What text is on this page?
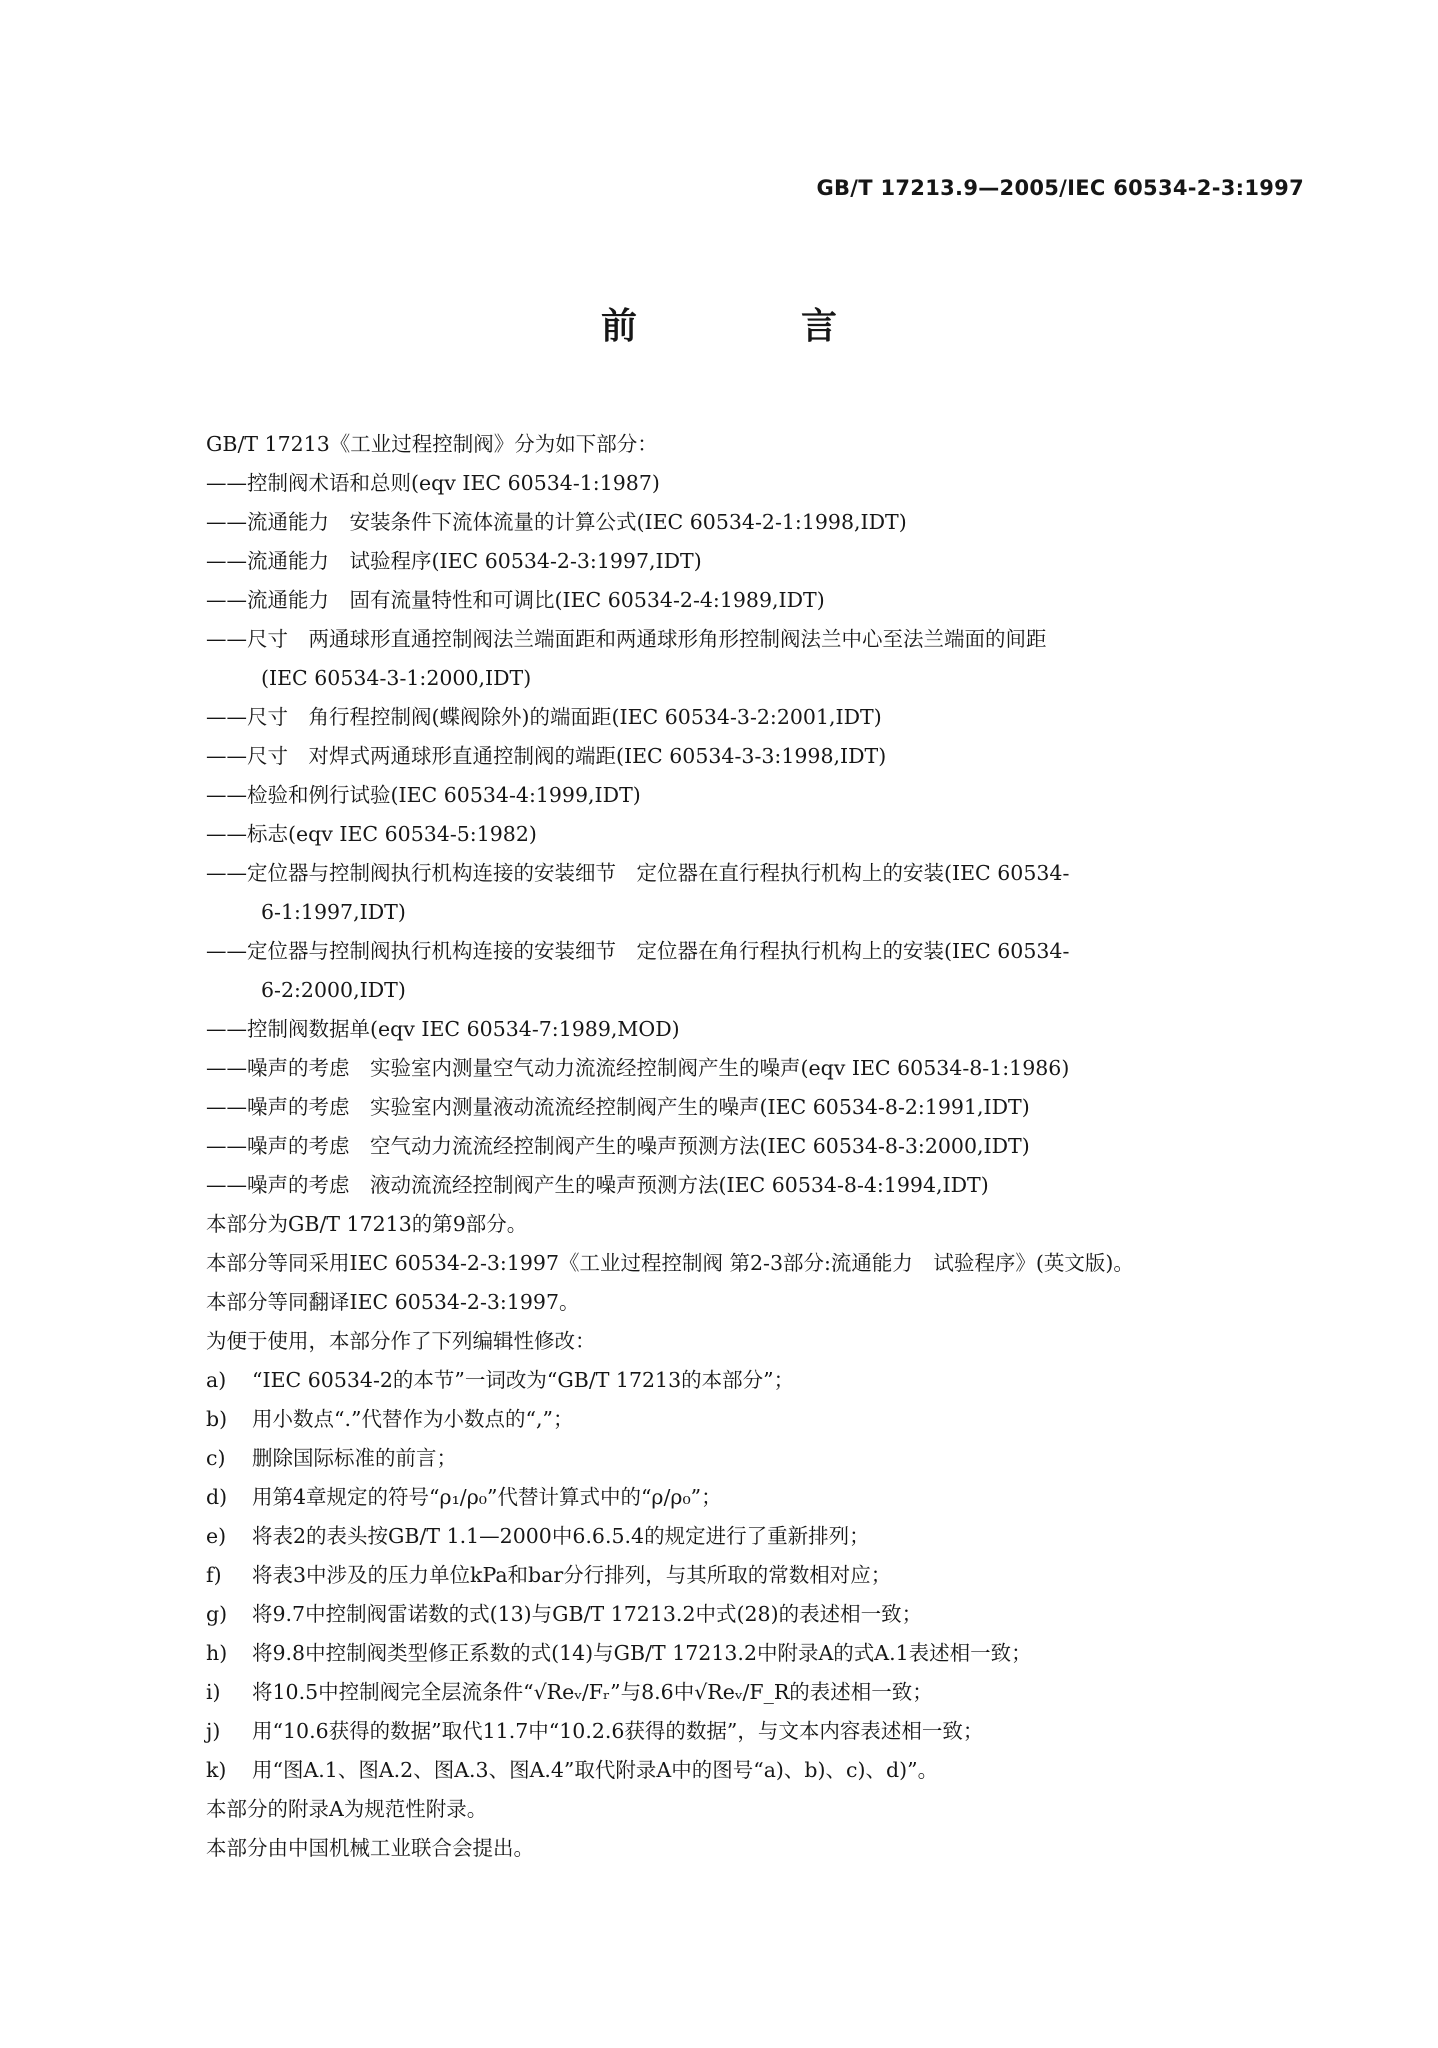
GB/T 17213.9—2005/IEC 60534-2-3:1997

前　言

GB/T 17213《工业过程控制阀》分为如下部分：

——控制阀术语和总则(eqv IEC 60534-1:1987)
——流通能力　安装条件下流体流量的计算公式(IEC 60534-2-1:1998,IDT)
——流通能力　试验程序(IEC 60534-2-3:1997,IDT)
——流通能力　固有流量特性和可调比(IEC 60534-2-4:1989,IDT)
——尺寸　两通球形直通控制阀法兰端面距和两通球形角形控制阀法兰中心至法兰端面的间距
(IEC 60534-3-1:2000,IDT)
——尺寸　角行程控制阀(蝶阀除外)的端面距(IEC 60534-3-2:2001,IDT)
——尺寸　对焊式两通球形直通控制阀的端距(IEC 60534-3-3:1998,IDT)
——检验和例行试验(IEC 60534-4:1999,IDT)
——标志(eqv IEC 60534-5:1982)
——定位器与控制阀执行机构连接的安装细节　定位器在直行程执行机构上的安装(IEC 60534-
6-1:1997,IDT)
——定位器与控制阀执行机构连接的安装细节　定位器在角行程执行机构上的安装(IEC 60534-
6-2:2000,IDT)
——控制阀数据单(eqv IEC 60534-7:1989,MOD)
——噪声的考虑　实验室内测量空气动力流流经控制阀产生的噪声(eqv IEC 60534-8-1:1986)
——噪声的考虑　实验室内测量液动流流经控制阀产生的噪声(IEC 60534-8-2:1991,IDT)
——噪声的考虑　空气动力流流经控制阀产生的噪声预测方法(IEC 60534-8-3:2000,IDT)
——噪声的考虑　液动流流经控制阀产生的噪声预测方法(IEC 60534-8-4:1994,IDT)

本部分为GB/T 17213的第9部分。

本部分等同采用IEC 60534-2-3:1997《工业过程控制阀 第2-3部分:流通能力　试验程序》(英文版)。

本部分等同翻译IEC 60534-2-3:1997。

为便于使用，本部分作了下列编辑性修改：

a)	“IEC 60534-2的本节”一词改为“GB/T 17213的本部分”；
b)	用小数点“.”代替作为小数点的“,”；
c)	删除国际标准的前言；
d)	用第4章规定的符号“ρ₁/ρ₀”代替计算式中的“ρ/ρ₀”；
e)	将表2的表头按GB/T 1.1—2000中6.6.5.4的规定进行了重新排列；
f)	将表3中涉及的压力单位kPa和bar分行排列，与其所取的常数相对应；
g)	将9.7中控制阀雷诺数的式(13)与GB/T 17213.2中式(28)的表述相一致；
h)	将9.8中控制阀类型修正系数的式(14)与GB/T 17213.2中附录A的式A.1表述相一致；
i)	将10.5中控制阀完全层流条件“√Reᵥ/Fᵣ”与8.6中√Reᵥ/F_R的表述相一致；
j)	用“10.6获得的数据”取代11.7中“10.2.6获得的数据”，与文本内容表述相一致；
k)	用“图A.1、图A.2、图A.3、图A.4”取代附录A中的图号“a)、b)、c)、d)”。

本部分的附录A为规范性附录。

本部分由中国机械工业联合会提出。
